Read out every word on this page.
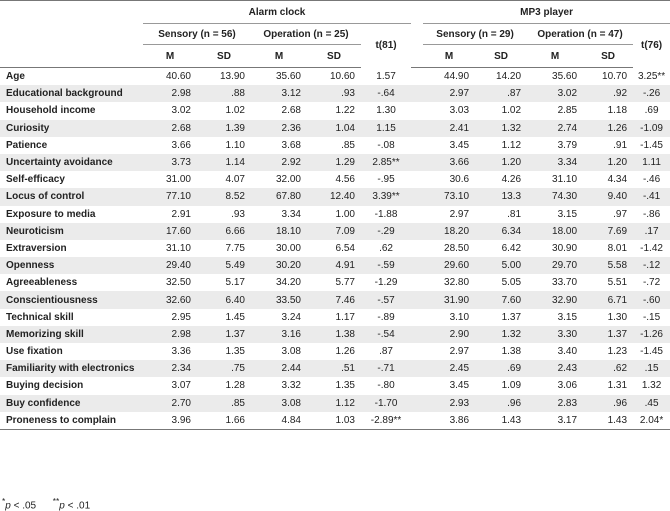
	Alarm clock						MP3 player				
	Sensory (n = 56)		Operation (n = 25)		t(81)		Sensory (n = 29)		Operation (n = 47)		t(76)
	M	SD	M	SD			M	SD	M	SD	
Age	40.60	13.90	35.60	10.60	1.57		44.90	14.20	35.60	10.70	3.25**
Educational background	2.98	.88	3.12	.93	-.64		2.97	.87	3.02	.92	-.26
Household income	3.02	1.02	2.68	1.22	1.30		3.03	1.02	2.85	1.18	.69
Curiosity	2.68	1.39	2.36	1.04	1.15		2.41	1.32	2.74	1.26	-1.09
Patience	3.66	1.10	3.68	.85	-.08		3.45	1.12	3.79	.91	-1.45
Uncertainty avoidance	3.73	1.14	2.92	1.29	2.85**		3.66	1.20	3.34	1.20	1.11
Self-efficacy	31.00	4.07	32.00	4.56	-.95		30.6	4.26	31.10	4.34	-.46
Locus of control	77.10	8.52	67.80	12.40	3.39**		73.10	13.3	74.30	9.40	-.41
Exposure to media	2.91	.93	3.34	1.00	-1.88		2.97	.81	3.15	.97	-.86
Neuroticism	17.60	6.66	18.10	7.09	-.29		18.20	6.34	18.00	7.69	.17
Extraversion	31.10	7.75	30.00	6.54	.62		28.50	6.42	30.90	8.01	-1.42
Openness	29.40	5.49	30.20	4.91	-.59		29.60	5.00	29.70	5.58	-.12
Agreeableness	32.50	5.17	34.20	5.77	-1.29		32.80	5.05	33.70	5.51	-.72
Conscientiousness	32.60	6.40	33.50	7.46	-.57		31.90	7.60	32.90	6.71	-.60
Technical skill	2.95	1.45	3.24	1.17	-.89		3.10	1.37	3.15	1.30	-.15
Memorizing skill	2.98	1.37	3.16	1.38	-.54		2.90	1.32	3.30	1.37	-1.26
Use fixation	3.36	1.35	3.08	1.26	.87		2.97	1.38	3.40	1.23	-1.45
Familiarity with electronics	2.34	.75	2.44	.51	-.71		2.45	.69	2.43	.62	.15
Buying decision	3.07	1.28	3.32	1.35	-.80		3.45	1.09	3.06	1.31	1.32
Buy confidence	2.70	.85	3.08	1.12	-1.70		2.93	.96	2.83	.96	.45
Proneness to complain	3.96	1.66	4.84	1.03	-2.89**		3.86	1.43	3.17	1.43	2.04*
*p < .05 **p < .01
